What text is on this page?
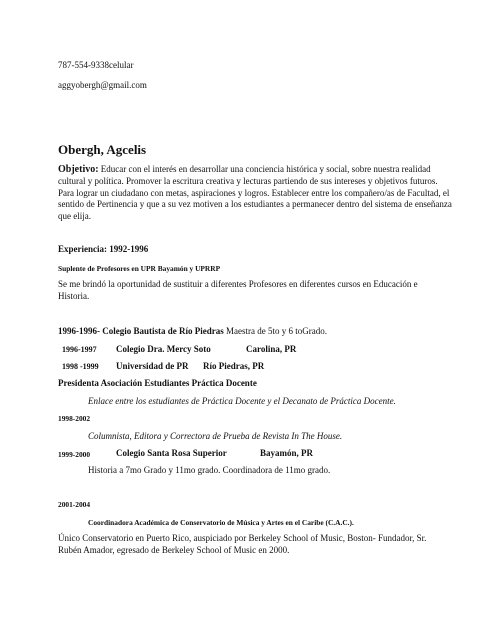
787-554-9338celular

aggyobergh@gmail.com

Obergh, Agcelis

Objetivo: Educar con el interés en desarrollar una conciencia histórica y social, sobre nuestra realidad cultural y política. Promover la escritura creativa y lecturas partiendo de sus intereses y objetivos futuros. Para lograr un ciudadano con metas, aspiraciones y logros. Establecer entre los compañero/as de Facultad, el sentido de Pertinencia y que a su vez motiven a los estudiantes a permanecer dentro del sistema de enseñanza que elija.

Experiencia: 1992-1996

Suplente de Profesores en UPR Bayamón y UPRRP

Se me brindó la oportunidad de sustituir a diferentes Profesores en diferentes cursos en Educación e Historia.

1996-1996- Colegio Bautista de Río Piedras Maestra de 5to y 6 toGrado.

1996-1997 Colegio Dra. Mercy Soto	Carolina, PR

1998 -1999 Universidad de PR Río Piedras, PR

Presidenta Asociación Estudiantes Práctica Docente

Enlace entre los estudiantes de Práctica Docente y el Decanato de Práctica Docente.

1998-2002

Columnista, Editora y Correctora de Prueba de Revista In The House.

1999-2000	Colegio Santa Rosa Superior	Bayamón, PR

Historia a 7mo Grado y 11mo grado. Coordinadora de 11mo grado.

2001-2004

Coordinadora Académica de Conservatorio de Música y Artes en el Caribe (C.A.C.).

Único Conservatorio en Puerto Rico, auspiciado por Berkeley School of Music, Boston- Fundador, Sr. Rubén Amador, egresado de Berkeley School of Music en 2000.
